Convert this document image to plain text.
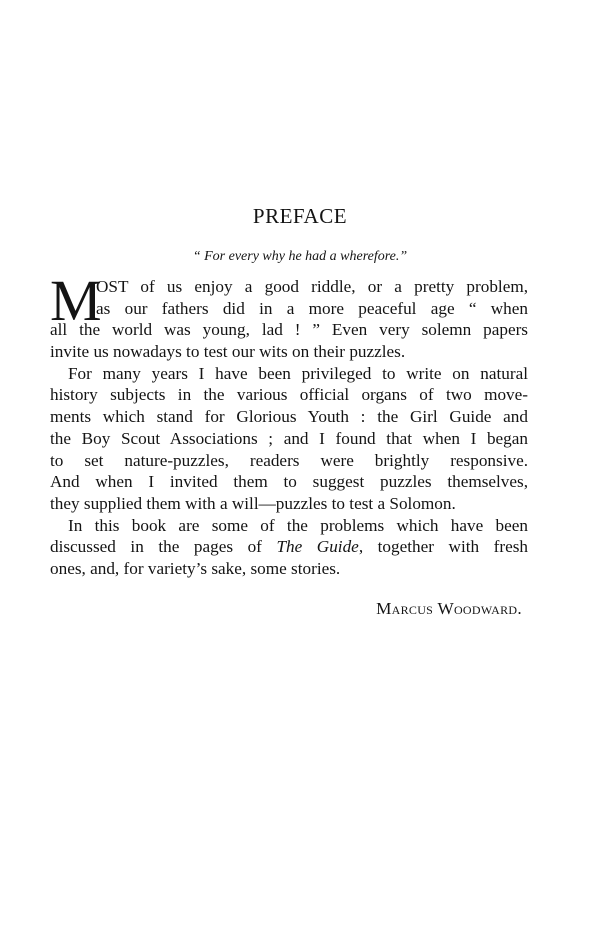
PREFACE
“ For every why he had a wherefore.”
M
OST of us enjoy a good riddle, or a pretty problem,
as our fathers did in a more peaceful age “ when
all the world was young, lad ! ” Even very solemn papers
invite us nowadays to test our wits on their puzzles.
For many years I have been privileged to write on natural
history subjects in the various official organs of two move-
ments which stand for Glorious Youth : the Girl Guide and
the Boy Scout Associations ; and I found that when I began
to set nature-puzzles, readers were brightly responsive.
And when I invited them to suggest puzzles themselves,
they supplied them with a will—puzzles to test a Solomon.
In this book are some of the problems which have been
discussed in the pages of The Guide, together with fresh
ones, and, for variety’s sake, some stories.
Marcus Woodward.
